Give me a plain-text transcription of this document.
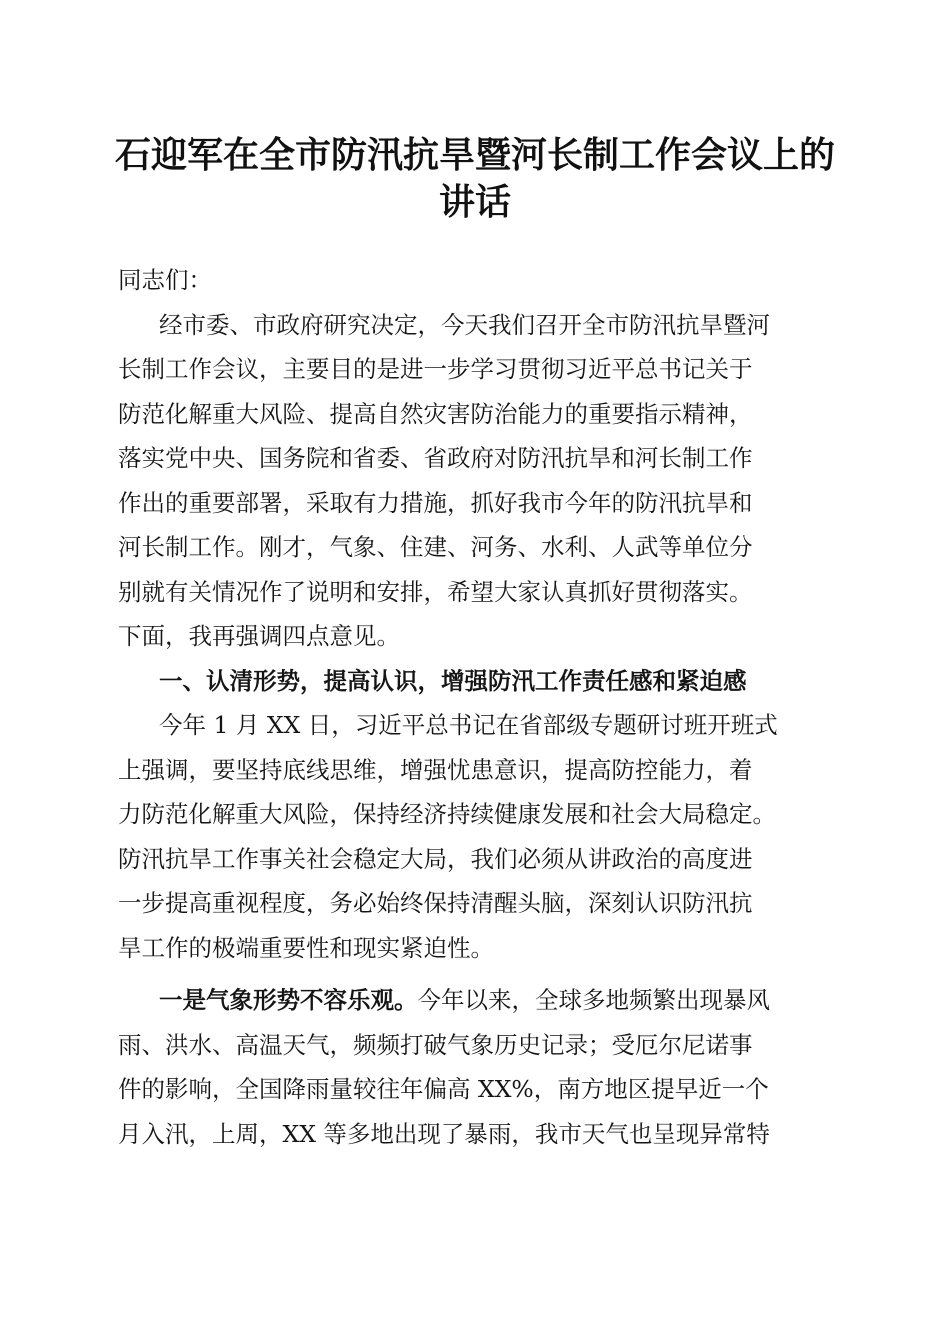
石迎军在全市防汛抗旱暨河长制工作会议上的
讲话
同志们：
经市委、市政府研究决定，今天我们召开全市防汛抗旱暨河
长制工作会议，主要目的是进一步学习贯彻习近平总书记关于
防范化解重大风险、提高自然灾害防治能力的重要指示精神，
落实党中央、国务院和省委、省政府对防汛抗旱和河长制工作
作出的重要部署，采取有力措施，抓好我市今年的防汛抗旱和
河长制工作。刚才，气象、住建、河务、水利、人武等单位分
别就有关情况作了说明和安排，希望大家认真抓好贯彻落实。
下面，我再强调四点意见。
一、认清形势，提高认识，增强防汛工作责任感和紧迫感
今年 1 月 XX 日，习近平总书记在省部级专题研讨班开班式
上强调，要坚持底线思维，增强忧患意识，提高防控能力，着
力防范化解重大风险，保持经济持续健康发展和社会大局稳定。
防汛抗旱工作事关社会稳定大局，我们必须从讲政治的高度进
一步提高重视程度，务必始终保持清醒头脑，深刻认识防汛抗
旱工作的极端重要性和现实紧迫性。
一是气象形势不容乐观。今年以来，全球多地频繁出现暴风
雨、洪水、高温天气，频频打破气象历史记录；受厄尔尼诺事
件的影响，全国降雨量较往年偏高 XX%，南方地区提早近一个
月入汛，上周，XX 等多地出现了暴雨，我市天气也呈现异常特
